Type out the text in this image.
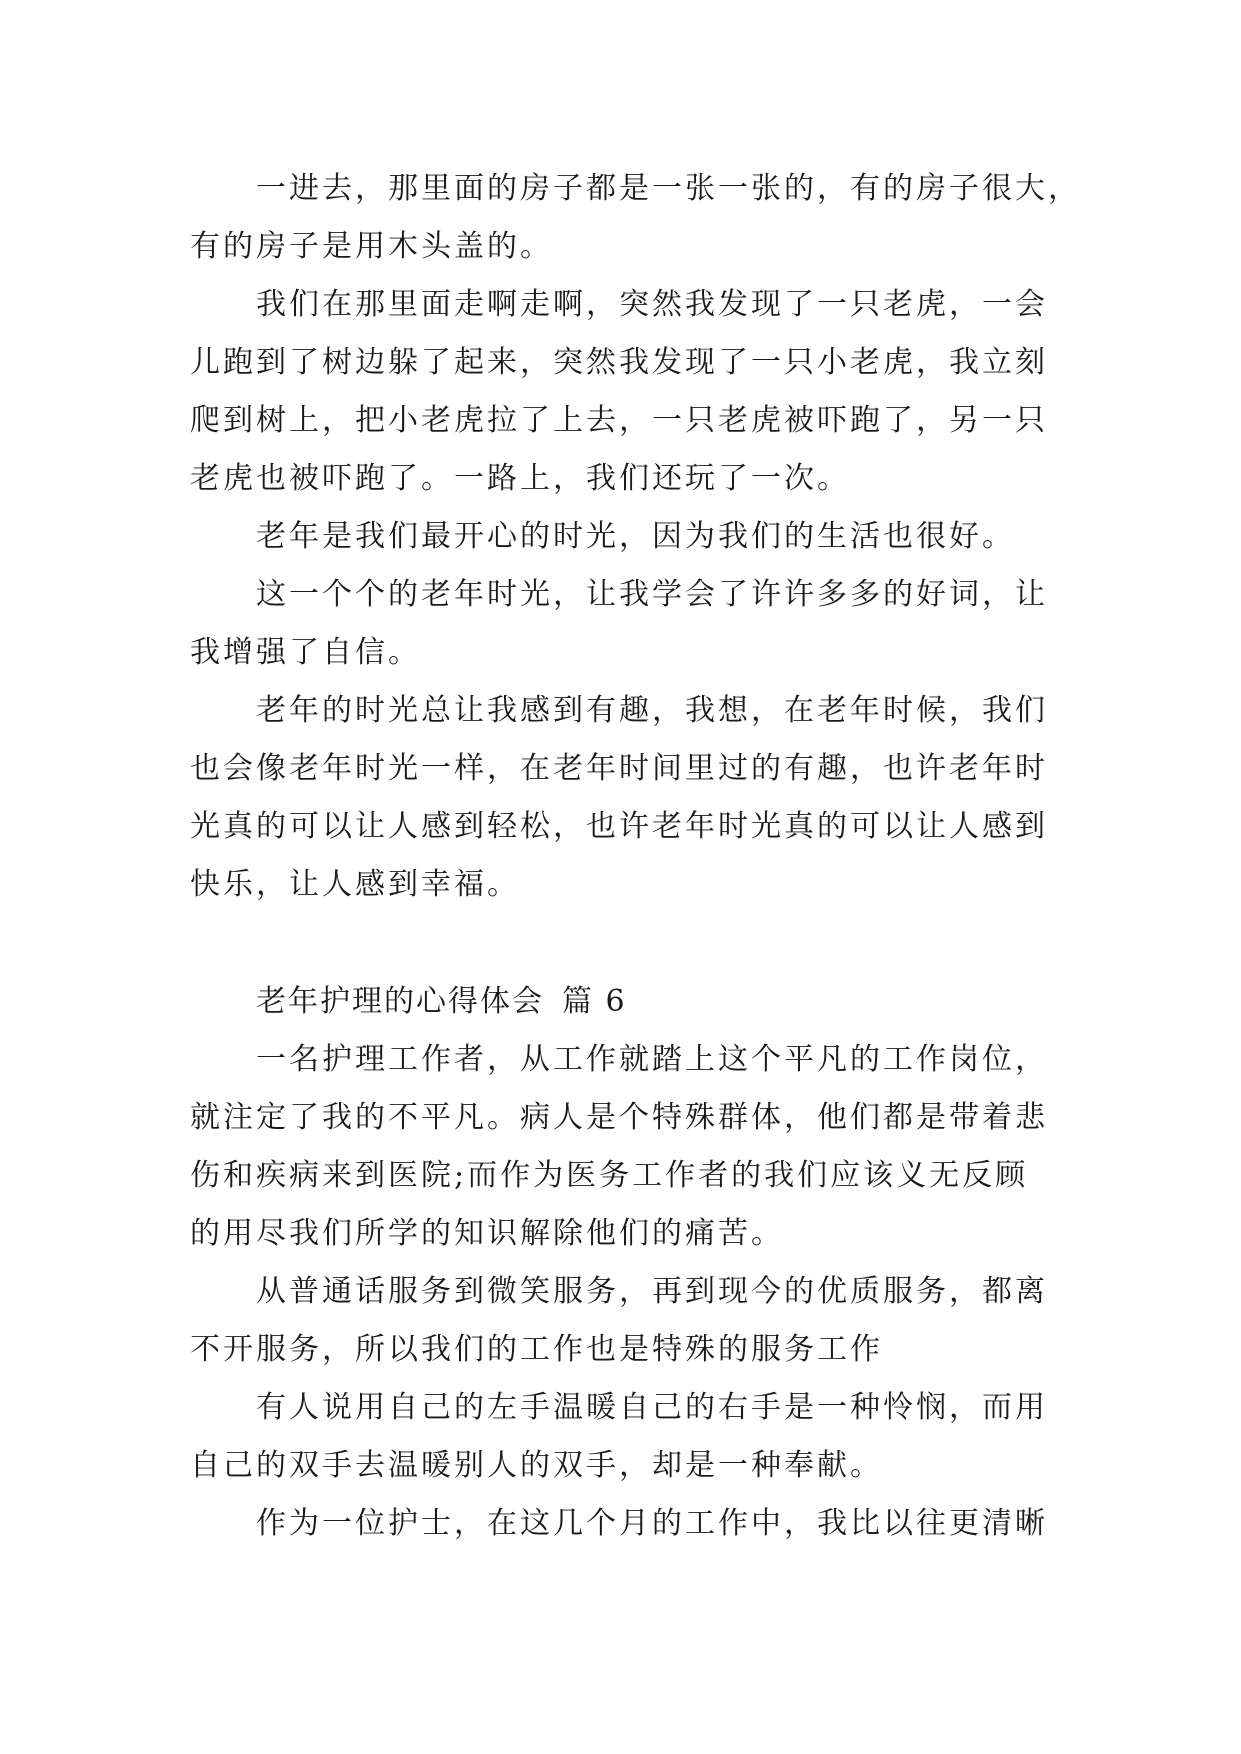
一进去，那里面的房子都是一张一张的，有的房子很大，
有的房子是用木头盖的。
我们在那里面走啊走啊，突然我发现了一只老虎，一会
儿跑到了树边躲了起来，突然我发现了一只小老虎，我立刻
爬到树上，把小老虎拉了上去，一只老虎被吓跑了，另一只
老虎也被吓跑了。一路上，我们还玩了一次。
老年是我们最开心的时光，因为我们的生活也很好。
这一个个的老年时光，让我学会了许许多多的好词，让
我增强了自信。
老年的时光总让我感到有趣，我想，在老年时候，我们
也会像老年时光一样，在老年时间里过的有趣，也许老年时
光真的可以让人感到轻松，也许老年时光真的可以让人感到
快乐，让人感到幸福。

老年护理的心得体会 篇 6

一名护理工作者，从工作就踏上这个平凡的工作岗位，
就注定了我的不平凡。病人是个特殊群体，他们都是带着悲
伤和疾病来到医院;而作为医务工作者的我们应该义无反顾
的用尽我们所学的知识解除他们的痛苦。
从普通话服务到微笑服务，再到现今的优质服务，都离
不开服务，所以我们的工作也是特殊的服务工作
有人说用自己的左手温暖自己的右手是一种怜悯，而用
自己的双手去温暖别人的双手，却是一种奉献。
作为一位护士，在这几个月的工作中，我比以往更清晰
